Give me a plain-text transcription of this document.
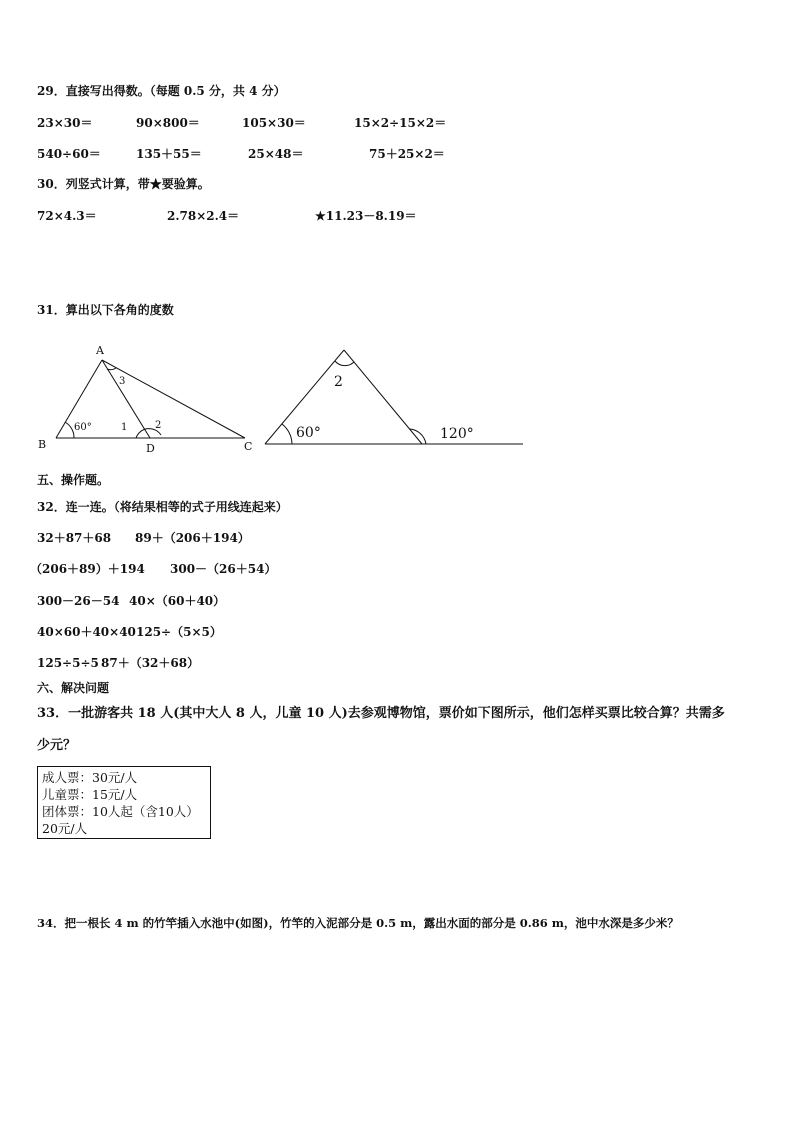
29．直接写出得数。（每题 0.5 分，共 4 分）
23×30＝	90×800＝	105×30＝	15×2÷15×2＝
540÷60＝	135＋55＝	25×48＝	75＋25×2＝
30．列竖式计算，带★要验算。
72×4.3＝	2.78×2.4＝	★11.23－8.19＝
31．算出以下各角的度数
A
B	C
D
60°	1	2
3
60°	120°
2
五、操作题。
32．连一连。（将结果相等的式子用线连起来）
32＋87＋68 89＋（206＋194）
（206＋89）＋194 300－（26＋54）
300－26－54 40×（60＋40）
40×60＋40×40 125÷（5×5）
125÷5÷5 87＋（32＋68）
六、解决问题
33．一批游客共 18 人(其中大人 8 人，儿童 10 人)去参观博物馆，票价如下图所示，他们怎样买票比较合算？共需多
少元？
成人票：30元/人
儿童票：15元/人
团体票：10人起（含10人）
20元/人
34．把一根长 4 m 的竹竿插入水池中(如图)，竹竿的入泥部分是 0.5 m，露出水面的部分是 0.86 m，池中水深是多少米？
